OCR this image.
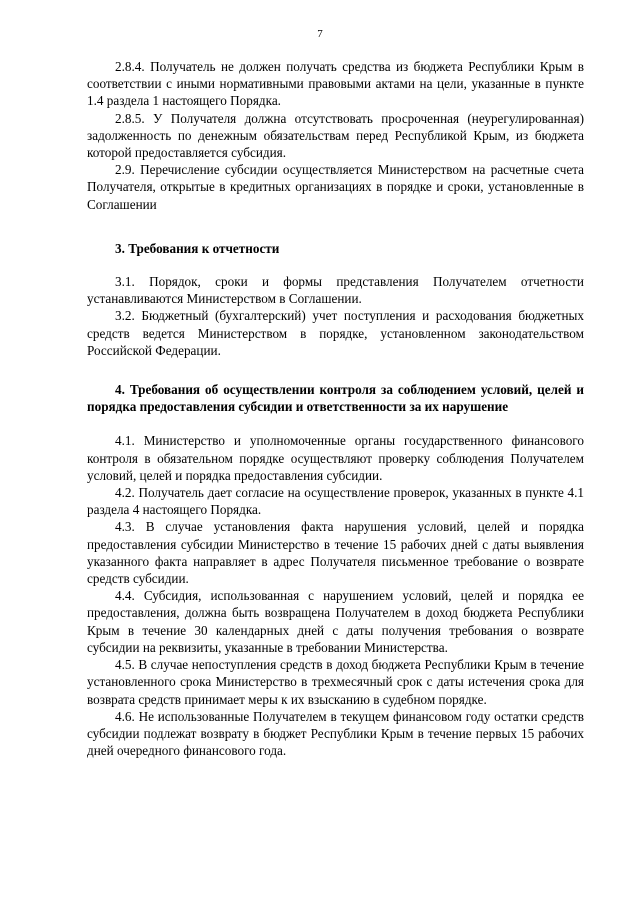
7

2.8.4. Получатель не должен получать средства из бюджета Республики Крым в соответствии с иными нормативными правовыми актами на цели, указанные в пункте 1.4 раздела 1 настоящего Порядка.

2.8.5. У Получателя должна отсутствовать просроченная (неурегулированная) задолженность по денежным обязательствам перед Республикой Крым, из бюджета которой предоставляется субсидия.

2.9. Перечисление субсидии осуществляется Министерством на расчетные счета Получателя, открытые в кредитных организациях в порядке и сроки, установленные в Соглашении

3. Требования к отчетности

3.1. Порядок, сроки и формы представления Получателем отчетности устанавливаются Министерством в Соглашении.

3.2. Бюджетный (бухгалтерский) учет поступления и расходования бюджетных средств ведется Министерством в порядке, установленном законодательством Российской Федерации.

4. Требования об осуществлении контроля за соблюдением условий, целей и порядка предоставления субсидии и ответственности за их нарушение

4.1. Министерство и уполномоченные органы государственного финансового контроля в обязательном порядке осуществляют проверку соблюдения Получателем условий, целей и порядка предоставления субсидии.

4.2. Получатель дает согласие на осуществление проверок, указанных в пункте 4.1 раздела 4 настоящего Порядка.

4.3. В случае установления факта нарушения условий, целей и порядка предоставления субсидии Министерство в течение 15 рабочих дней с даты выявления указанного факта направляет в адрес Получателя письменное требование о возврате средств субсидии.

4.4. Субсидия, использованная с нарушением условий, целей и порядка ее предоставления, должна быть возвращена Получателем в доход бюджета Республики Крым в течение 30 календарных дней с даты получения требования о возврате субсидии на реквизиты, указанные в требовании Министерства.

4.5. В случае непоступления средств в доход бюджета Республики Крым в течение установленного срока Министерство в трехмесячный срок с даты истечения срока для возврата средств принимает меры к их взысканию в судебном порядке.

4.6. Не использованные Получателем в текущем финансовом году остатки средств субсидии подлежат возврату в бюджет Республики Крым в течение первых 15 рабочих дней очередного финансового года.
